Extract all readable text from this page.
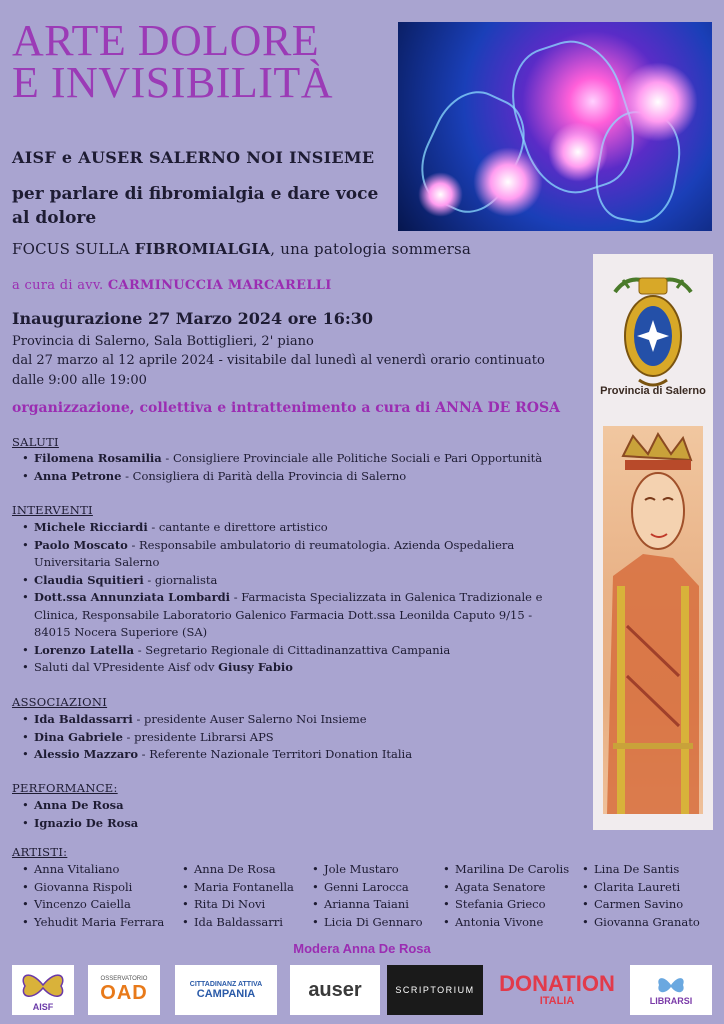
ARTE DOLORE
E INVISIBILITÀ
AISF e AUSER SALERNO NOI INSIEME
per parlare di fibromialgia e dare voce al dolore
FOCUS SULLA FIBROMIALGIA, una patologia sommersa
a cura di avv. CARMINUCCIA MARCARELLI
Inaugurazione 27 Marzo 2024 ore 16:30
Provincia di Salerno, Sala Bottiglieri, 2' piano
dal 27 marzo al 12 aprile 2024 - visitabile dal lunedì al venerdì orario continuato dalle 9:00 alle 19:00
organizzazione, collettiva e intrattenimento a cura di ANNA DE ROSA
Provincia di Salerno
SALUTI
• Filomena Rosamilia - Consigliere Provinciale alle Politiche Sociali e Pari Opportunità
• Anna Petrone - Consigliera di Parità della Provincia di Salerno
INTERVENTI
• Michele Ricciardi - cantante e direttore artistico
• Paolo Moscato - Responsabile ambulatorio di reumatologia. Azienda Ospedaliera Universitaria Salerno
• Claudia Squitieri - giornalista
• Dott.ssa Annunziata Lombardi - Farmacista Specializzata in Galenica Tradizionale e Clinica, Responsabile Laboratorio Galenico Farmacia Dott.ssa Leonilda Caputo 9/15 - 84015 Nocera Superiore (SA)
• Lorenzo Latella - Segretario Regionale di Cittadinanzattiva Campania
• Saluti dal VPresidente Aisf odv Giusy Fabio
ASSOCIAZIONI
• Ida Baldassarri - presidente Auser Salerno Noi Insieme
• Dina Gabriele - presidente Librarsi APS
• Alessio Mazzaro - Referente Nazionale Territori Donation Italia
PERFORMANCE:
• Anna De Rosa
• Ignazio De Rosa
ARTISTI:
• Anna Vitaliano
• Giovanna Rispoli
• Vincenzo Caiella
• Yehudit Maria Ferrara
• Anna De Rosa
• Maria Fontanella
• Rita Di Novi
• Ida Baldassarri
• Jole Mustaro
• Genni Larocca
• Arianna Taiani
• Licia Di Gennaro
• Marilina De Carolis
• Agata Senatore
• Stefania Grieco
• Antonia Vivone
• Lina De Santis
• Clarita Laureti
• Carmen Savino
• Giovanna Granato
Modera Anna De Rosa
AISF
OSSERVATORIO
OAD	CITTADINANZ ATTIVA
CAMPANIA	auser	SCRIPTORIUM DONATION
ITALIA	LIBRARSI
